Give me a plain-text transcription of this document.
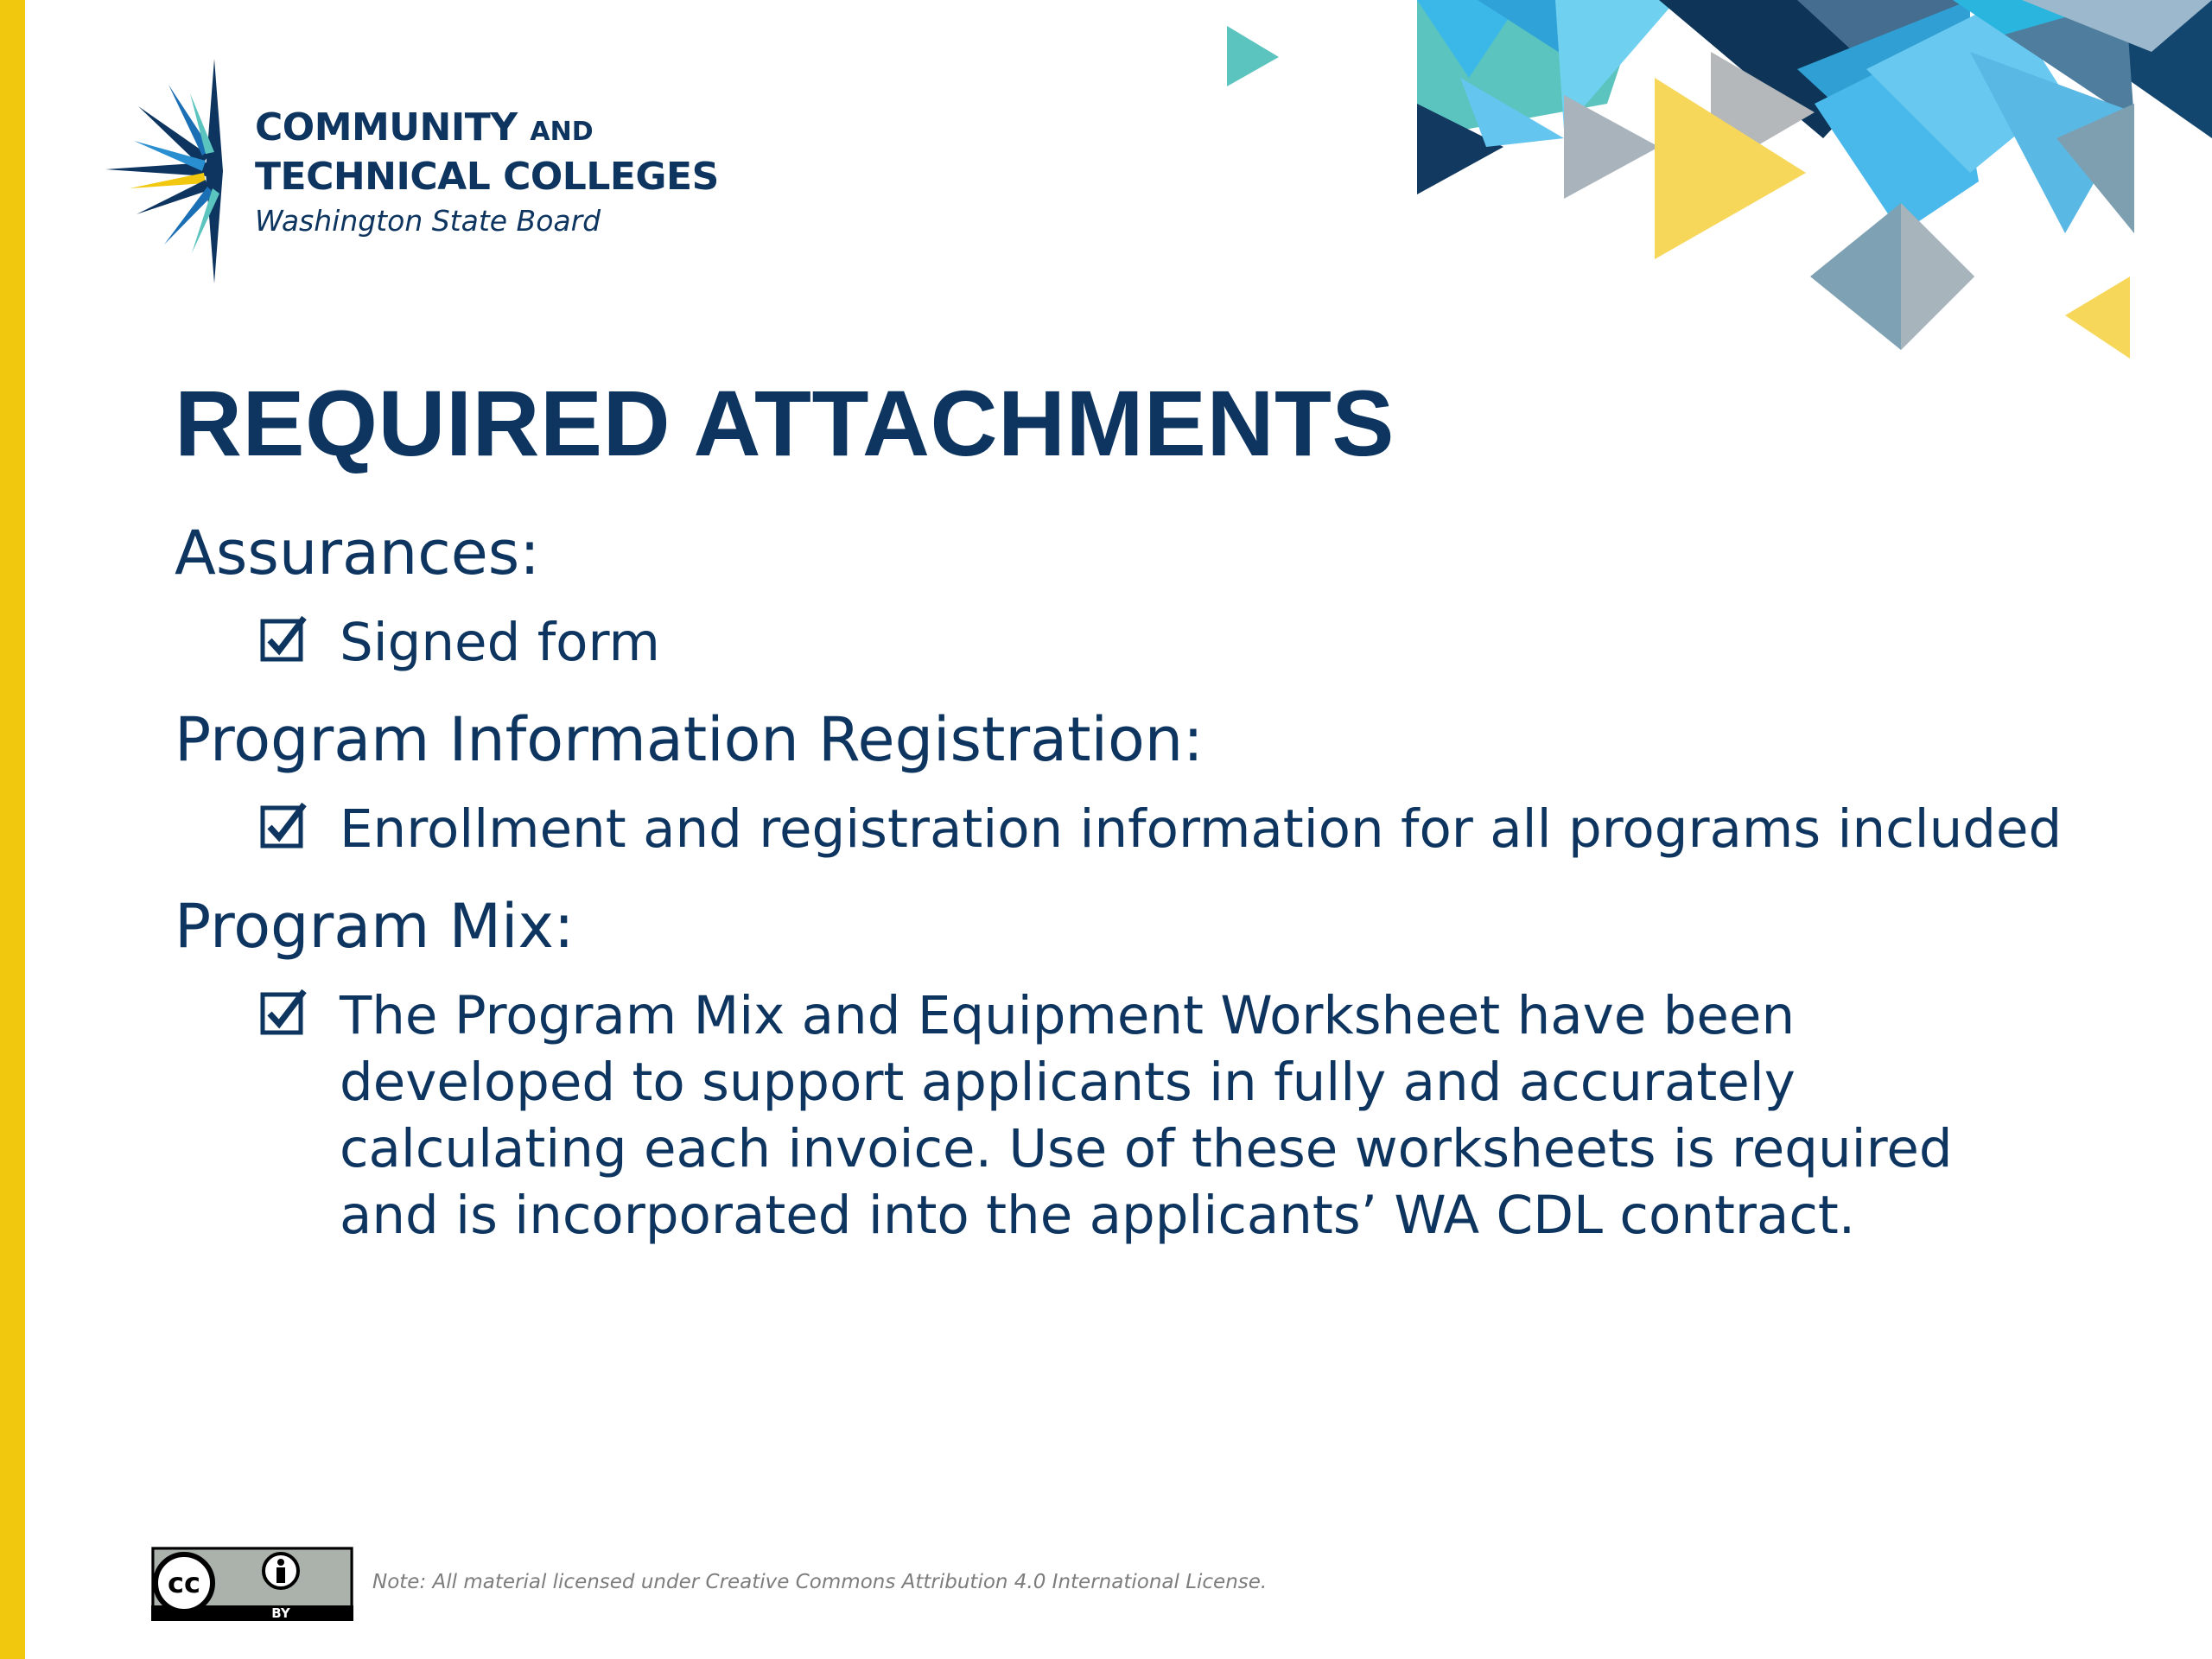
COMMUNITY AND
TECHNICAL COLLEGES
Washington State Board
REQUIRED ATTACHMENTS
Assurances:
Signed form
Program Information Registration:
Enrollment and registration information for all programs included
Program Mix:
The Program Mix and Equipment Worksheet have been developed to support applicants in fully and accurately calculating each invoice. Use of these worksheets is required and is incorporated into the applicants’ WA CDL contract.
cc
BY
Note: All material licensed under Creative Commons Attribution 4.0 International License.
